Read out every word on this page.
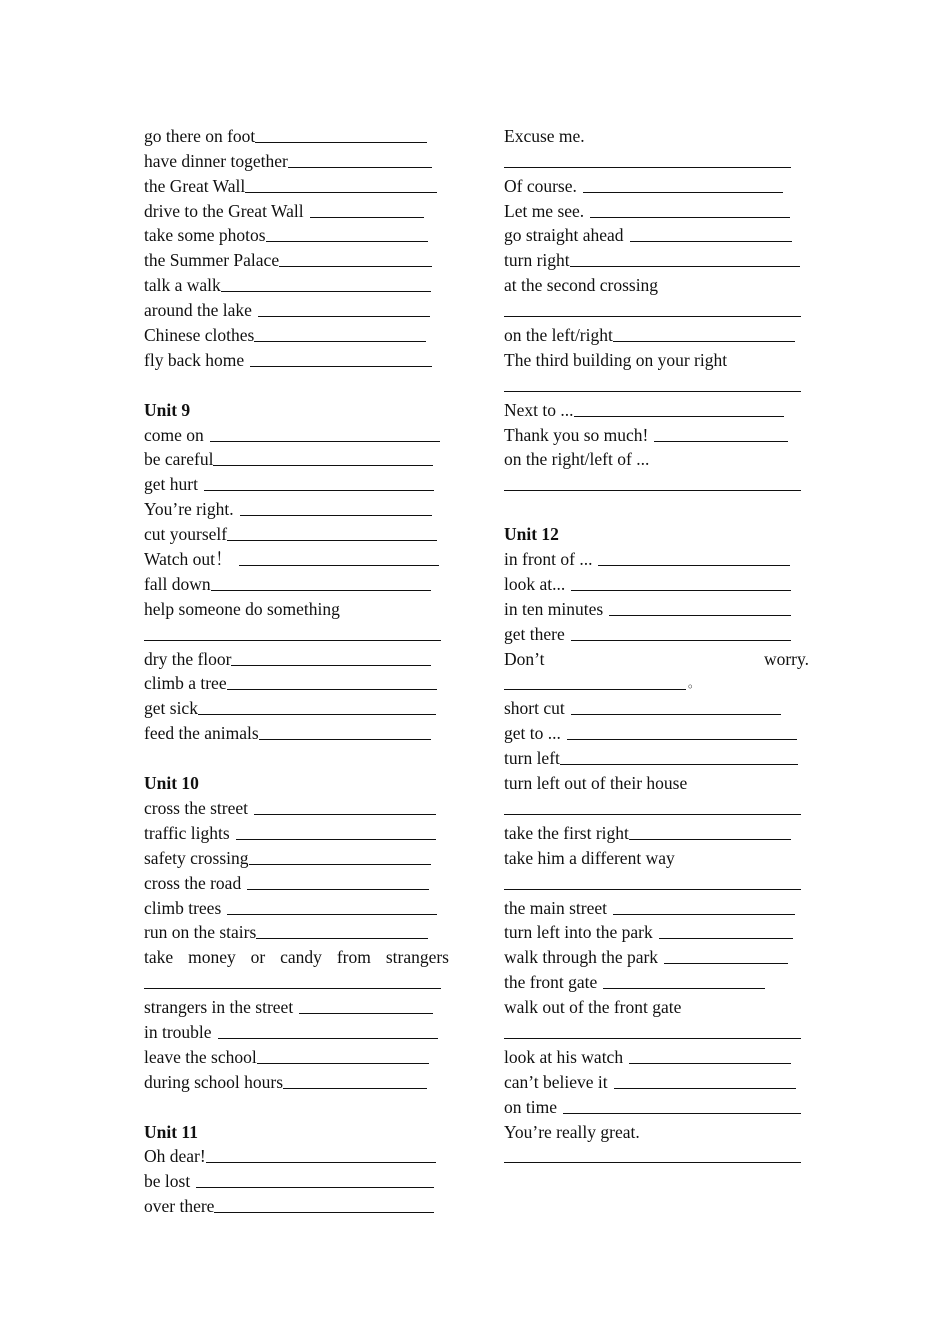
go there on foot
have dinner together
the Great Wall
drive to the Great Wall
take some photos
the Summer Palace
talk a walk
around the lake
Chinese clothes
fly back home
Unit 9
come on
be careful
get hurt
You’re right.
cut yourself
Watch out！
fall down
help someone do something
dry the floor
climb a tree
get sick
feed the animals
Unit 10
cross the street
traffic lights
safety crossing
cross the road
climb trees
run on the stairs
take money or candy from strangers
strangers in the street
in trouble
leave the school
during school hours
Unit 11
Oh dear!
be lost
over there
Excuse me.
Of course.
Let me see.
go straight ahead
turn right
at the second crossing
on the left/right
The third building on your right
Next to ...
Thank you so much!
on the right/left of ...
Unit 12
in front of ...
look at...
in ten minutes
get there
Don’t	worry.
。
short cut
get to ...
turn left
turn left out of their house
take the first right
take him a different way
the main street
turn left into the park
walk through the park
the front gate
walk out of the front gate
look at his watch
can’t believe it
on time
You’re really great.
